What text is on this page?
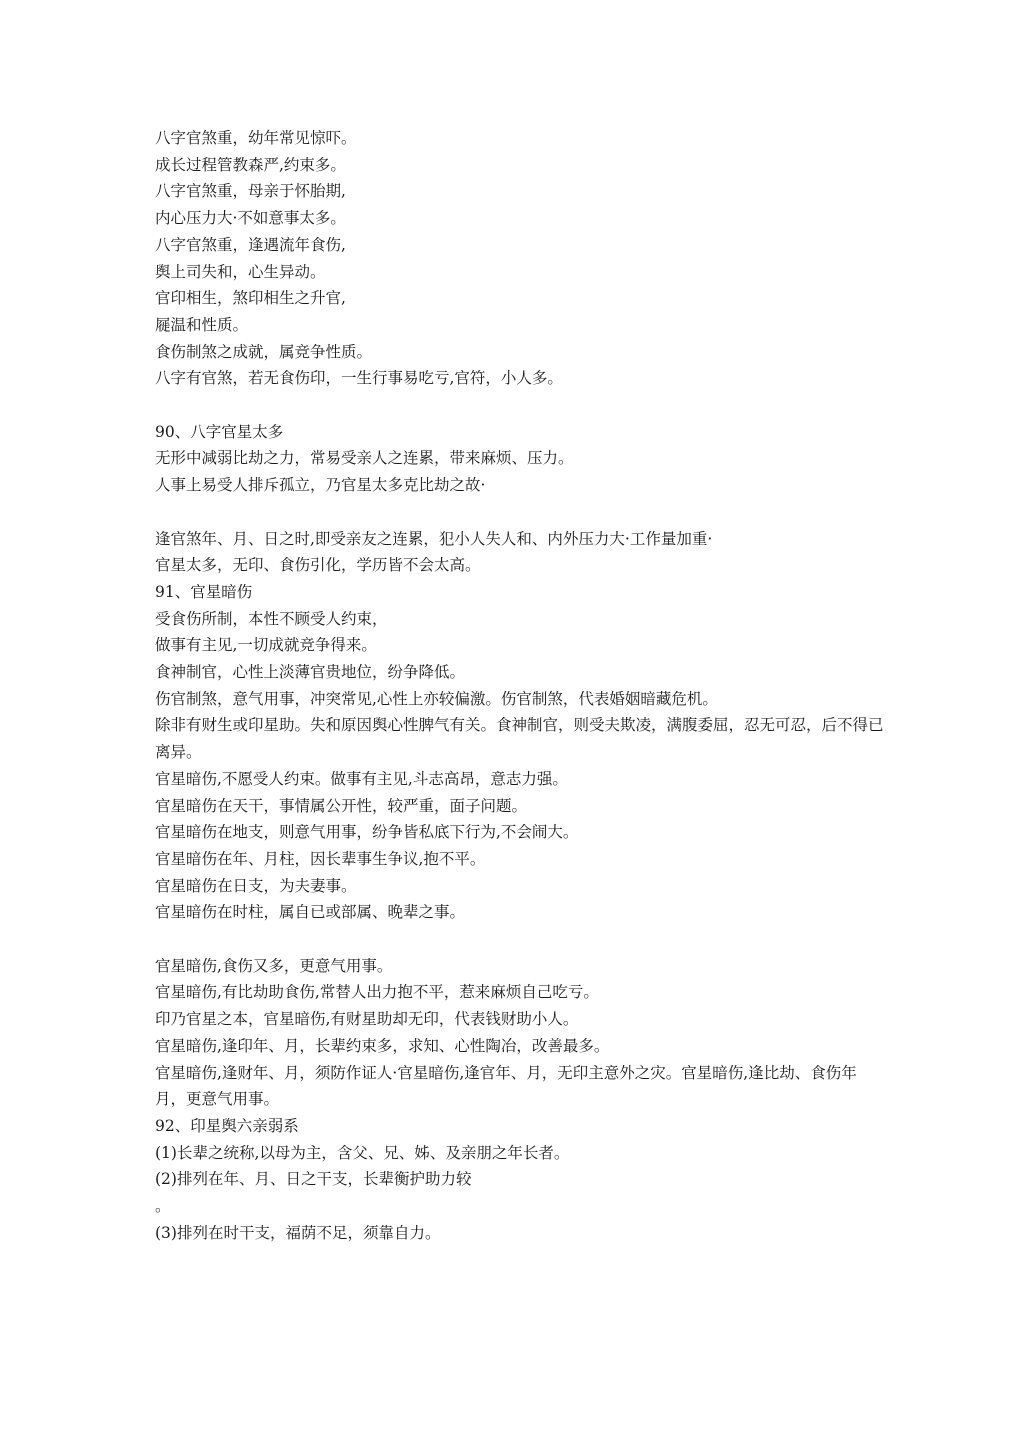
八字官煞重，幼年常见惊吓。
成长过程管教森严,约束多。
八字官煞重，母亲于怀胎期,
内心压力大·不如意事太多。
八字官煞重，逢遇流年食伤,
舆上司失和，心生异动。
官印相生，煞印相生之升官,
屣温和性质。
食伤制煞之成就，属竞争性质。
八字有官煞，若无食伤印，一生行事易吃亏,官符，小人多。
90、八字官星太多
无形中减弱比劫之力，常易受亲人之连累，带来麻烦、压力。
人事上易受人排斥孤立，乃官星太多克比劫之故·
逢官煞年、月、日之时,即受亲友之连累，犯小人失人和、内外压力大·工作量加重·
官星太多，无印、食伤引化，学历皆不会太高。
91、官星暗伤
受食伤所制，本性不顾受人约束，
做事有主见,一切成就竞争得来。
食神制官，心性上淡薄官贵地位，纷争降低。
伤官制煞，意气用事，冲突常见,心性上亦较偏激。伤官制煞，代表婚姻暗藏危机。
除非有财生或印星助。失和原因舆心性脾气有关。食神制官，则受夫欺凌，满腹委屈，忍无可忍，后不得已离异。
官星暗伤,不愿受人约束。做事有主见,斗志高昂，意志力强。
官星暗伤在天干，事情属公开性，较严重，面子问题。
官星暗伤在地支，则意气用事，纷争皆私底下行为,不会闹大。
官星暗伤在年、月柱，因长辈事生争议,抱不平。
官星暗伤在日支，为夫妻事。
官星暗伤在时柱，属自已或部属、晚辈之事。
官星暗伤,食伤又多，更意气用事。
官星暗伤,有比劫助食伤,常替人出力抱不平，惹来麻烦自己吃亏。
印乃官星之本，官星暗伤,有财星助却无印，代表钱财助小人。
官星暗伤,逢印年、月，长辈约束多，求知、心性陶冶，改善最多。
官星暗伤,逢财年、月，须防作证人·官星暗伤,逢官年、月，无印主意外之灾。官星暗伤,逢比劫、食伤年月，更意气用事。
92、印星舆六亲弱系
(1)长辈之统称,以母为主，含父、兄、姊、及亲朋之年长者。
(2)排列在年、月、日之干支，长辈衡护助力较
。
(3)排列在时干支，福荫不足，须靠自力。
